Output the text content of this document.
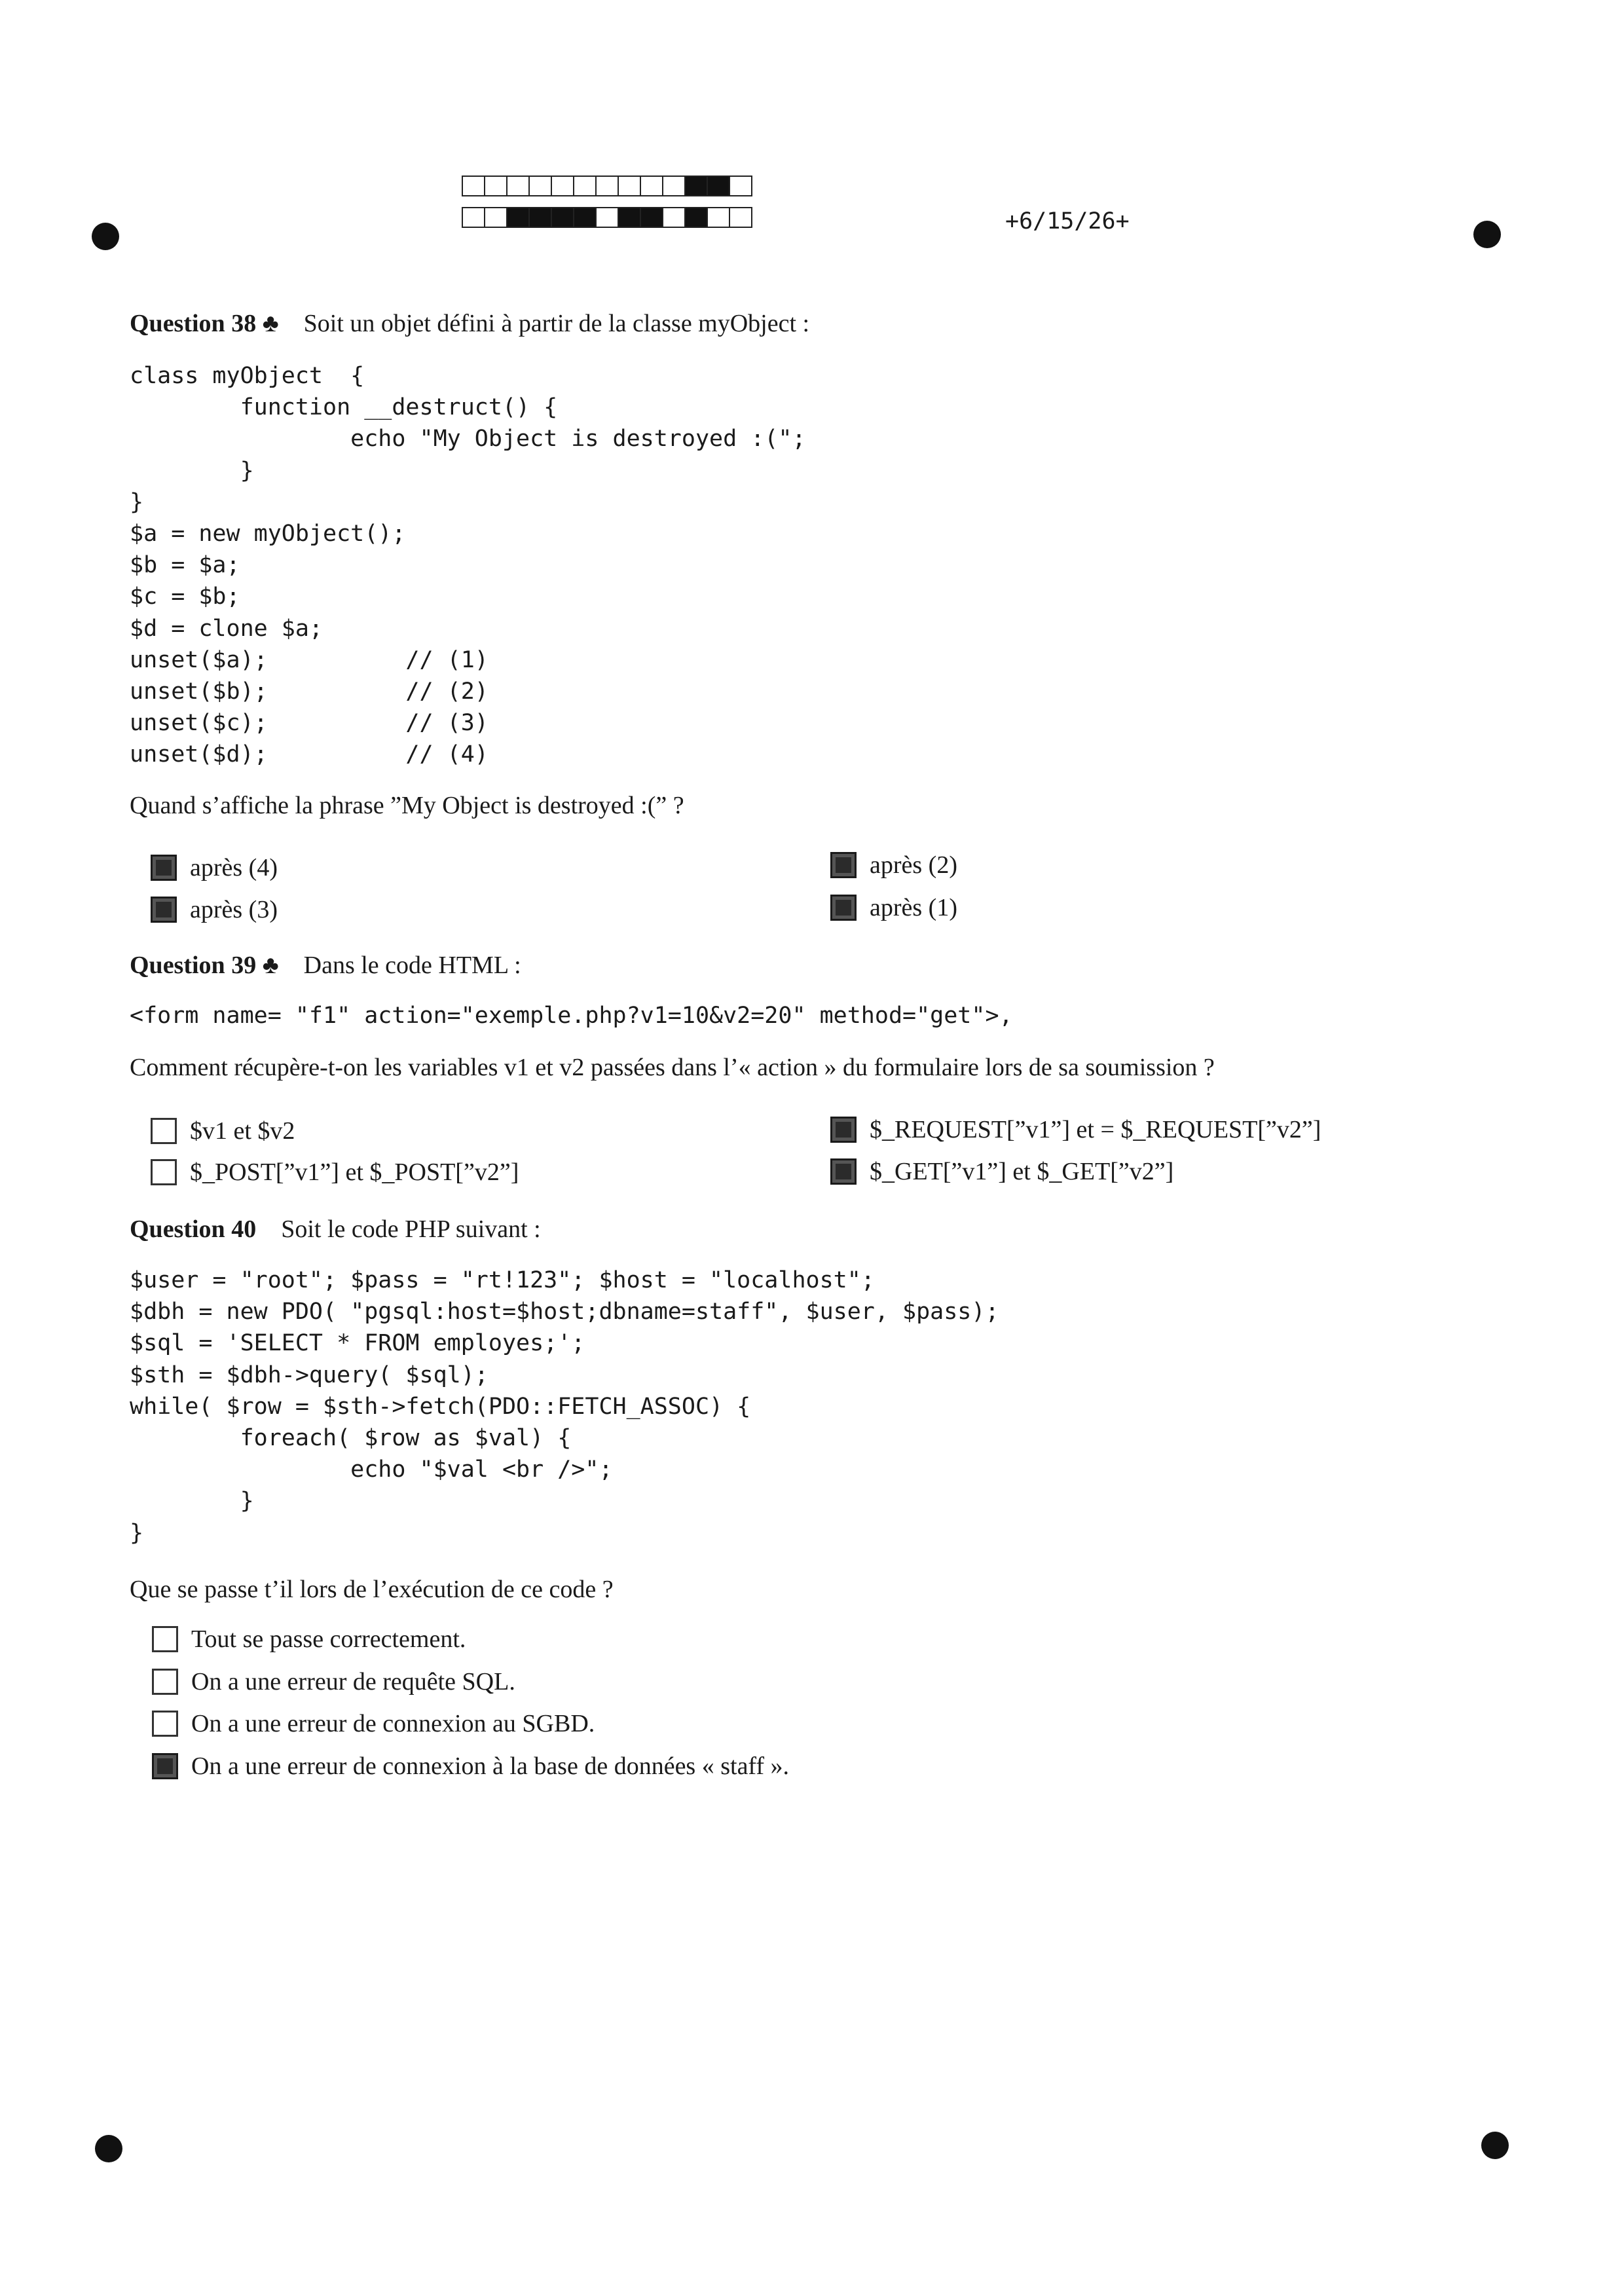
+6/15/26+
Question 38 ♣ Soit un objet défini à partir de la classe myObject :
class myObject  {
function __destruct() {
echo "My Object is destroyed :(";
}
}
$a = new myObject();
$b = $a;
$c = $b;
$d = clone $a;
unset($a);          // (1)
unset($b);          // (2)
unset($c);          // (3)
unset($d);          // (4)
Quand s’affiche la phrase ”My Object is destroyed :(” ?
après (4)
après (3)
après (2)
après (1)
Question 39 ♣ Dans le code HTML :
<form name= "f1" action="exemple.php?v1=10&v2=20" method="get">,
Comment récupère-t-on les variables v1 et v2 passées dans l’« action » du formulaire lors de sa soumission ?
$v1 et $v2
$_POST[”v1”] et $_POST[”v2”]
$_REQUEST[”v1”] et = $_REQUEST[”v2”]
$_GET[”v1”] et $_GET[”v2”]
Question 40 Soit le code PHP suivant :
$user = "root"; $pass = "rt!123"; $host = "localhost";
$dbh = new PDO( "pgsql:host=$host;dbname=staff", $user, $pass);
$sql = 'SELECT * FROM employes;';
$sth = $dbh->query( $sql);
while( $row = $sth->fetch(PDO::FETCH_ASSOC) {
foreach( $row as $val) {
echo "$val <br />";
}
}
Que se passe t’il lors de l’exécution de ce code ?
Tout se passe correctement.
On a une erreur de requête SQL.
On a une erreur de connexion au SGBD.
On a une erreur de connexion à la base de données « staff ».
